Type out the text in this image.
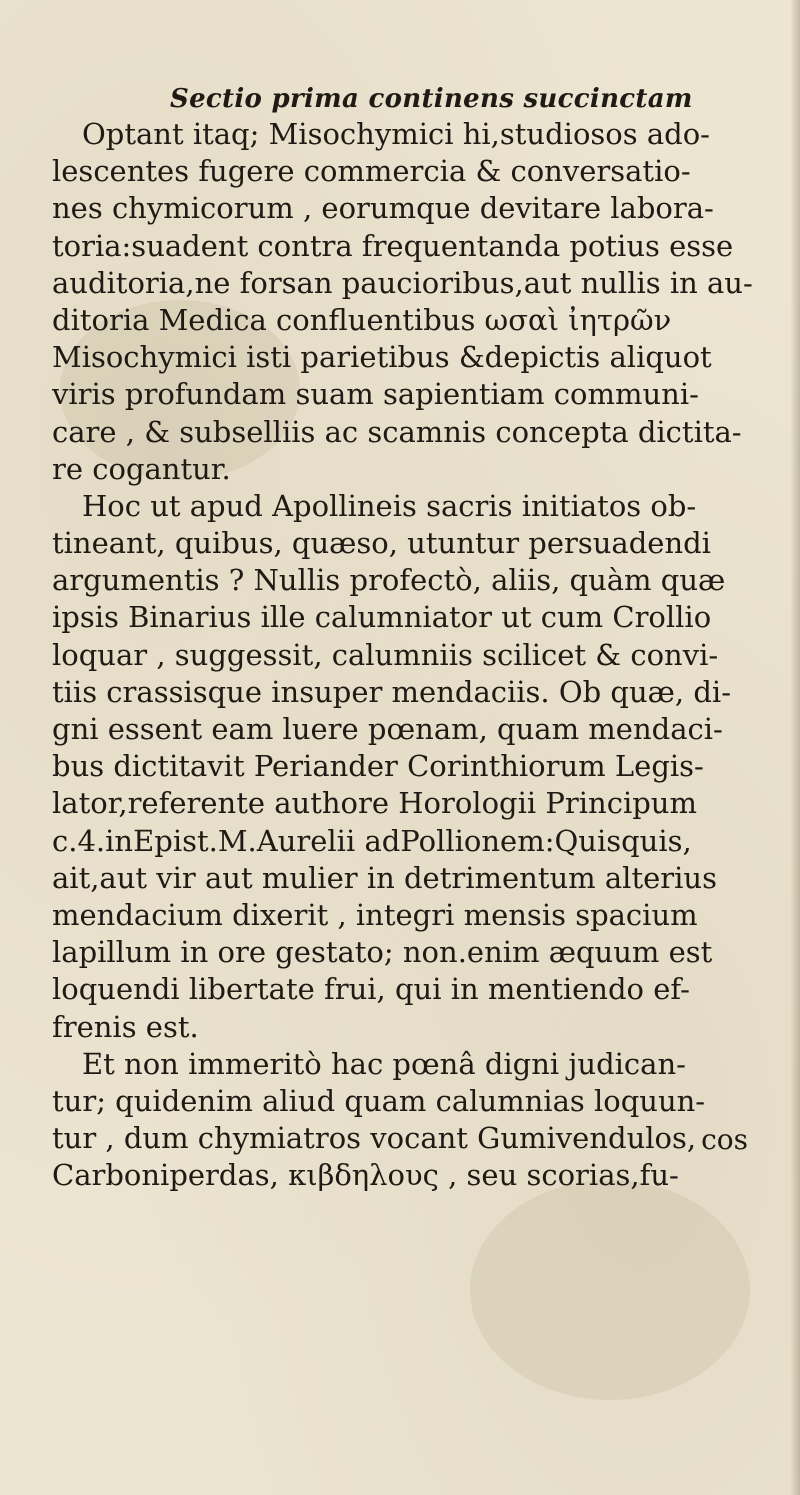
Sectio prima continens succinctam
Optant itaq; Misochymici hi,studiosos ado-
lescentes fugere commercia & conversatio-
nes chymicorum , eorumque devitare labora-
toria:suadent contra frequentanda potius esse
auditoria,ne forsan paucioribus,aut nullis in au-
ditoria Medica confluentibus ωσαὶ ἰητρῶν
Misochymici isti parietibus &depictis aliquot
viris profundam suam sapientiam communi-
care , & subselliis ac scamnis concepta dictita-
re cogantur.
Hoc ut apud Apollineis sacris initiatos ob-
tineant, quibus, quæso, utuntur persuadendi
argumentis ? Nullis profectò, aliis, quàm quæ
ipsis Binarius ille calumniator ut cum Crollio
loquar , suggessit, calumniis scilicet & convi-
tiis crassisque insuper mendaciis. Ob quæ, di-
gni essent eam luere pœnam, quam mendaci-
bus dictitavit Periander Corinthiorum Legis-
lator,referente authore Horologii Principum
c.4.inEpist.M.Aurelii adPollionem:Quisquis,
ait,aut vir aut mulier in detrimentum alterius
mendacium dixerit , integri mensis spacium
lapillum in ore gestato; non.enim æquum est
loquendi libertate frui, qui in mentiendo ef-
frenis est.
Et non immeritò hac pœnâ digni judican-
tur; quidenim aliud quam calumnias loquun-
tur , dum chymiatros vocant Gumivendulos,
Carboniperdas, κιβδηλους , seu scorias,fu-
cos
